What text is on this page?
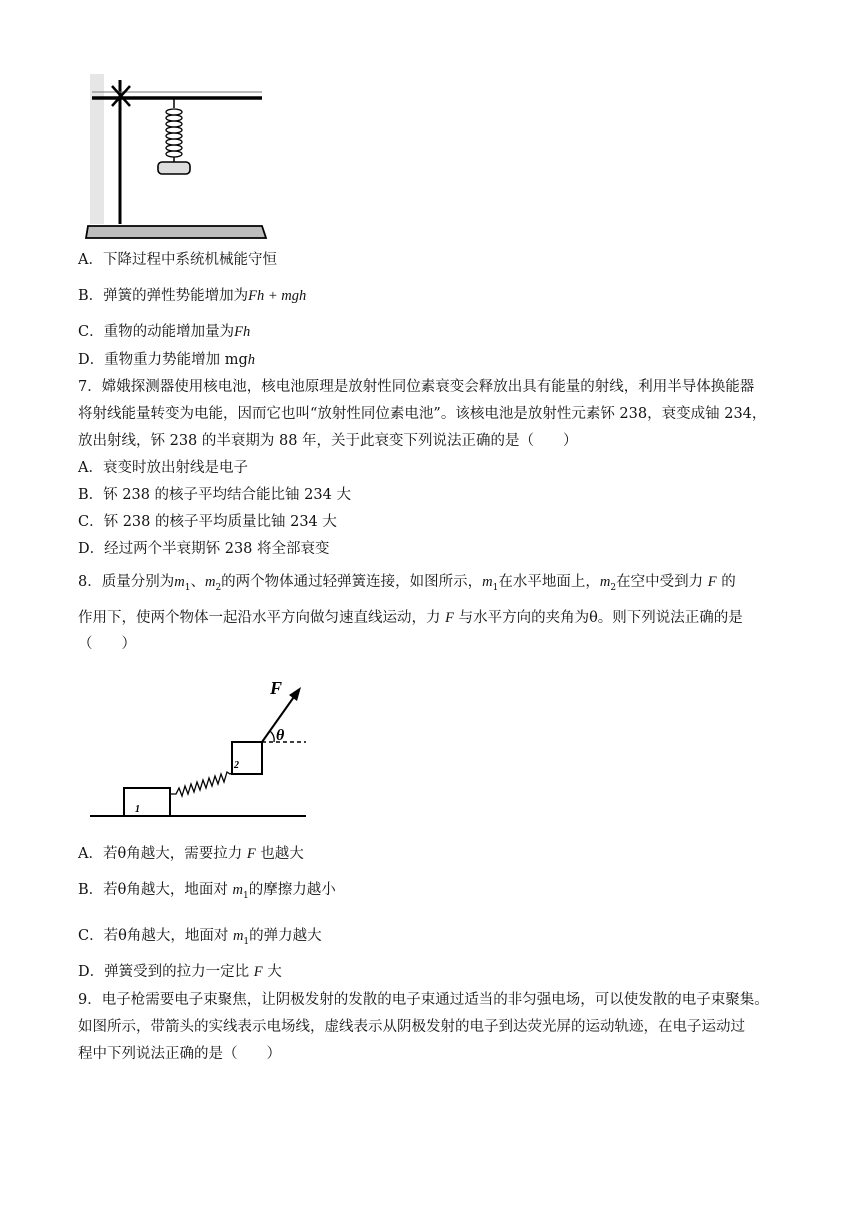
A．下降过程中系统机械能守恒
B．弹簧的弹性势能增加为Fh + mgh
C．重物的动能增加量为Fh
D．重物重力势能增加 mgh
7．嫦娥探测器使用核电池，核电池原理是放射性同位素衰变会释放出具有能量的射线，利用半导体换能器
将射线能量转变为电能，因而它也叫“放射性同位素电池”。该核电池是放射性元素钚 238，衰变成铀 234，
放出射线，钚 238 的半衰期为 88 年，关于此衰变下列说法正确的是（　　）
A．衰变时放出射线是电子
B．钚 238 的核子平均结合能比铀 234 大
C．钚 238 的核子平均质量比铀 234 大
D．经过两个半衰期钚 238 将全部衰变
8．质量分别为$m_1$、$m_2$的两个物体通过轻弹簧连接，如图所示，$m_1$在水平地面上，$m_2$在空中受到力 F 的
作用下，使两个物体一起沿水平方向做匀速直线运动，力 F 与水平方向的夹角为θ。则下列说法正确的是
（　　）
$_1$
$_2$
F
θ
A．若θ角越大，需要拉力 F 也越大
B．若θ角越大，地面对 $m_1$的摩擦力越小
C．若θ角越大，地面对 $m_1$的弹力越大
D．弹簧受到的拉力一定比 F 大
9．电子枪需要电子束聚焦，让阴极发射的发散的电子束通过适当的非匀强电场，可以使发散的电子束聚集。
如图所示，带箭头的实线表示电场线，虚线表示从阴极发射的电子到达荧光屏的运动轨迹，在电子运动过
程中下列说法正确的是（　　）
